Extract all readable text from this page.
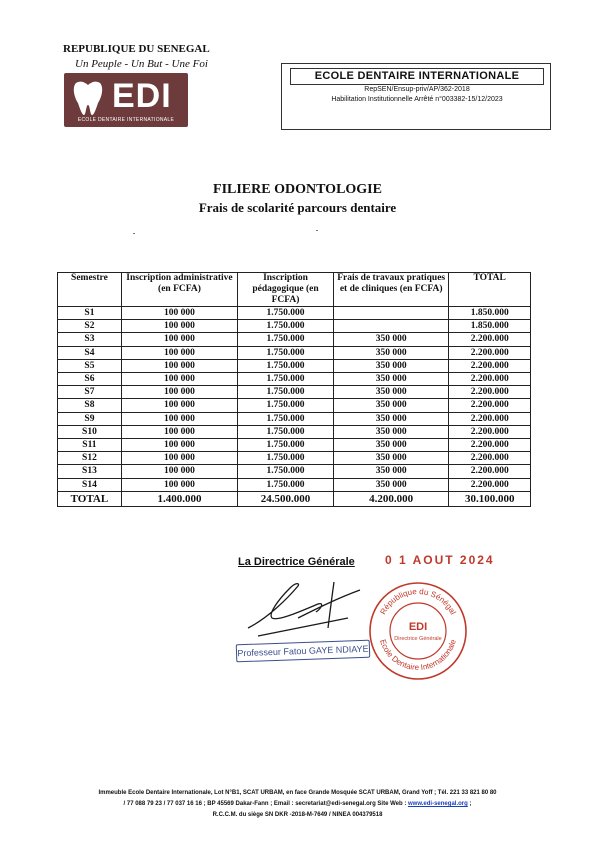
REPUBLIQUE DU SENEGAL
Un Peuple - Un But - Une Foi
EDI
ECOLE DENTAIRE INTERNATIONALE
ECOLE DENTAIRE INTERNATIONALE
RepSEN/Ensup-priv/AP/362-2018
Habilitation Institutionnelle Arrêté n°003382-15/12/2023
FILIERE ODONTOLOGIE
Frais de scolarité parcours dentaire
Semestre	Inscription administrative (en FCFA)	Inscription pédagogique (en FCFA)	Frais de travaux pratiques et de cliniques (en FCFA)	TOTAL
S1	100 000	1.750.000		1.850.000
S2	100 000	1.750.000		1.850.000
S3	100 000	1.750.000	350 000	2.200.000
S4	100 000	1.750.000	350 000	2.200.000
S5	100 000	1.750.000	350 000	2.200.000
S6	100 000	1.750.000	350 000	2.200.000
S7	100 000	1.750.000	350 000	2.200.000
S8	100 000	1.750.000	350 000	2.200.000
S9	100 000	1.750.000	350 000	2.200.000
S10	100 000	1.750.000	350 000	2.200.000
S11	100 000	1.750.000	350 000	2.200.000
S12	100 000	1.750.000	350 000	2.200.000
S13	100 000	1.750.000	350 000	2.200.000
S14	100 000	1.750.000	350 000	2.200.000
TOTAL	1.400.000	24.500.000	4.200.000	30.100.000
La Directrice Générale	0 1 AOUT 2024
Professeur Fatou GAYE NDIAYE
République du Sénégal
Ecole Dentaire Internationale
EDI
Directrice Générale
Immeuble Ecole Dentaire Internationale, Lot N°B1, SCAT URBAM, en face Grande Mosquée SCAT URBAM, Grand Yoff ; Tél. 221 33 821 80 80
/ 77 088 79 23 / 77 037 16 16 ; BP 45569 Dakar-Fann ; Email : secretariat@edi-senegal.org Site Web : www.edi-senegal.org ;
R.C.C.M. du siège SN DKR -2018-M-7649 / NINEA 004379518
